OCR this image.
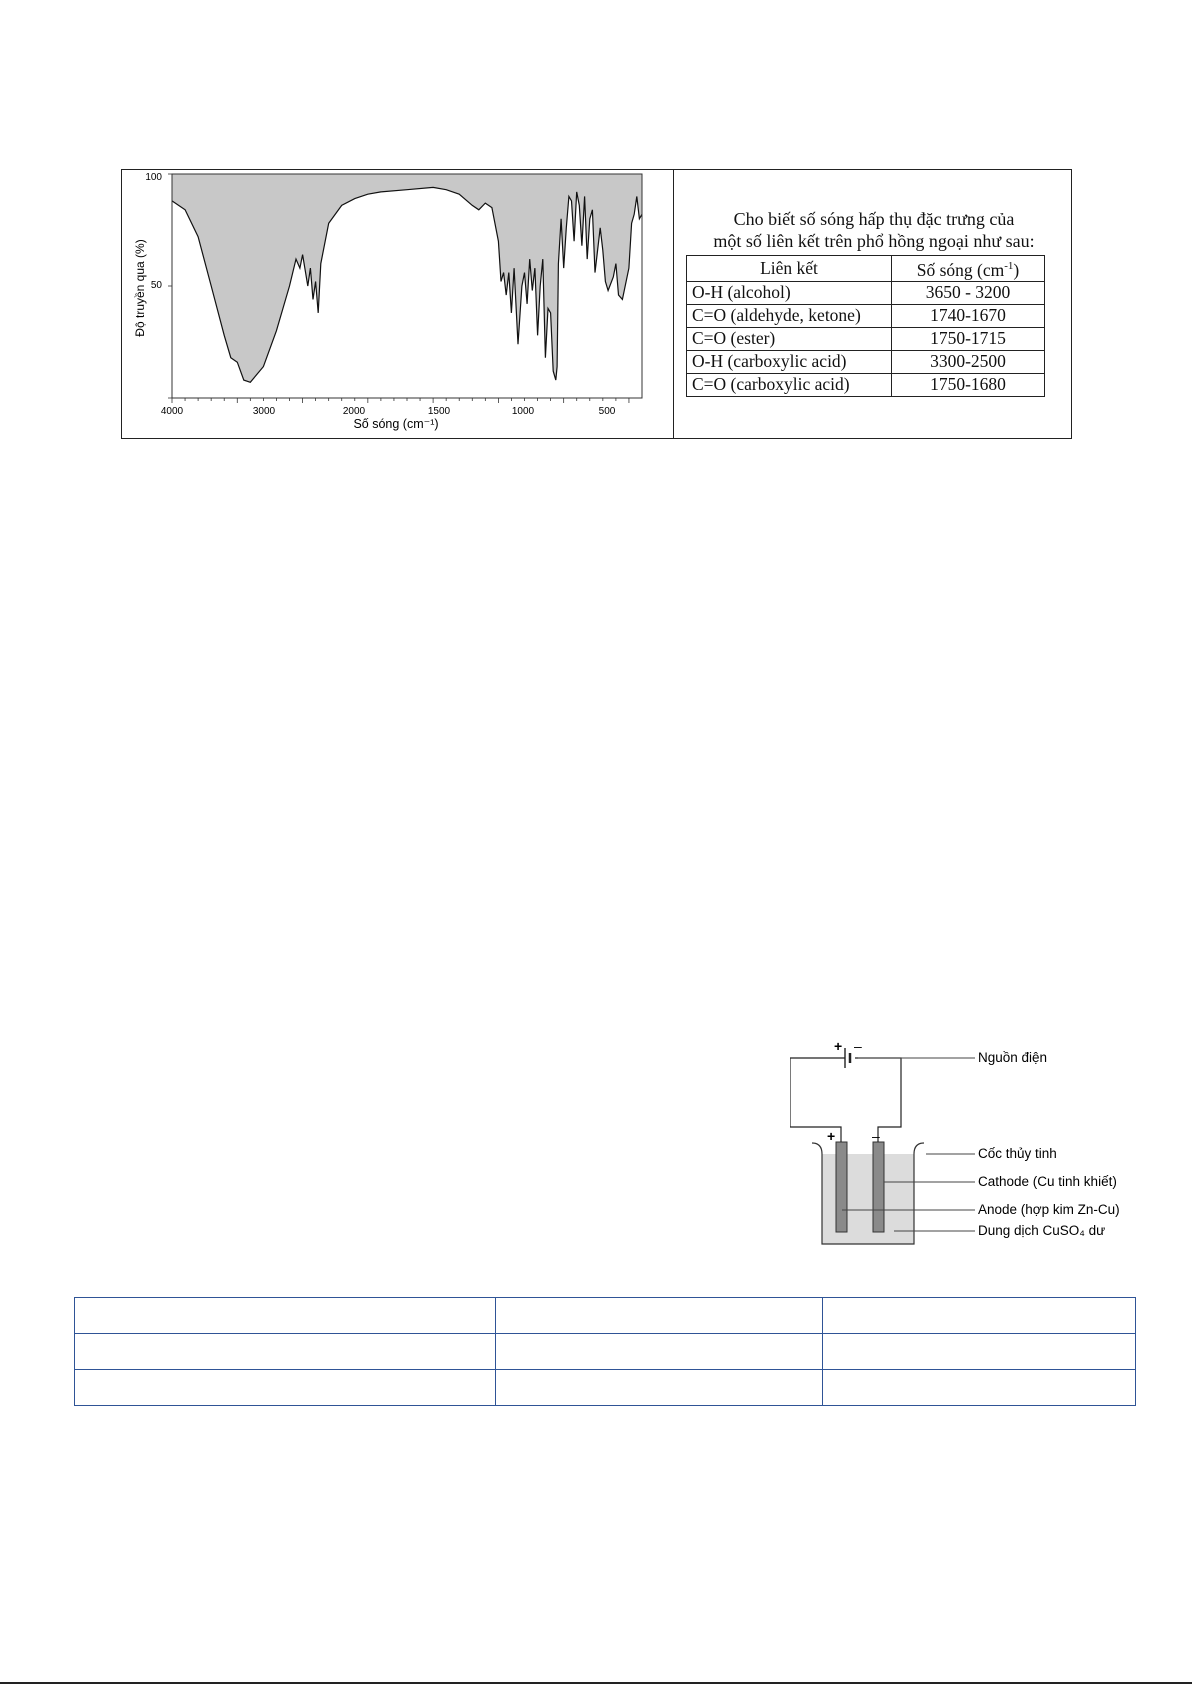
Độ truyền qua (%)
Số sóng (cm⁻¹)
100
50
4000	3000	2000	1500	1000	500
Cho biết số sóng hấp thụ đặc trưng của
một số liên kết trên phổ hồng ngoại như sau:
Liên kết	Số sóng $(cm^{-1})$
O-H (alcohol)	3650 - 3200
C=O (aldehyde, ketone)	1740-1670
C=O (ester)	1750-1715
O-H (carboxylic acid)	3300-2500
C=O (carboxylic acid)	1750-1680
+ –
+	–
Nguồn điện
Cốc thủy tinh
Cathode (Cu tinh khiết)
Anode (hợp kim Zn-Cu)
Dung dịch CuSO₄ dư
